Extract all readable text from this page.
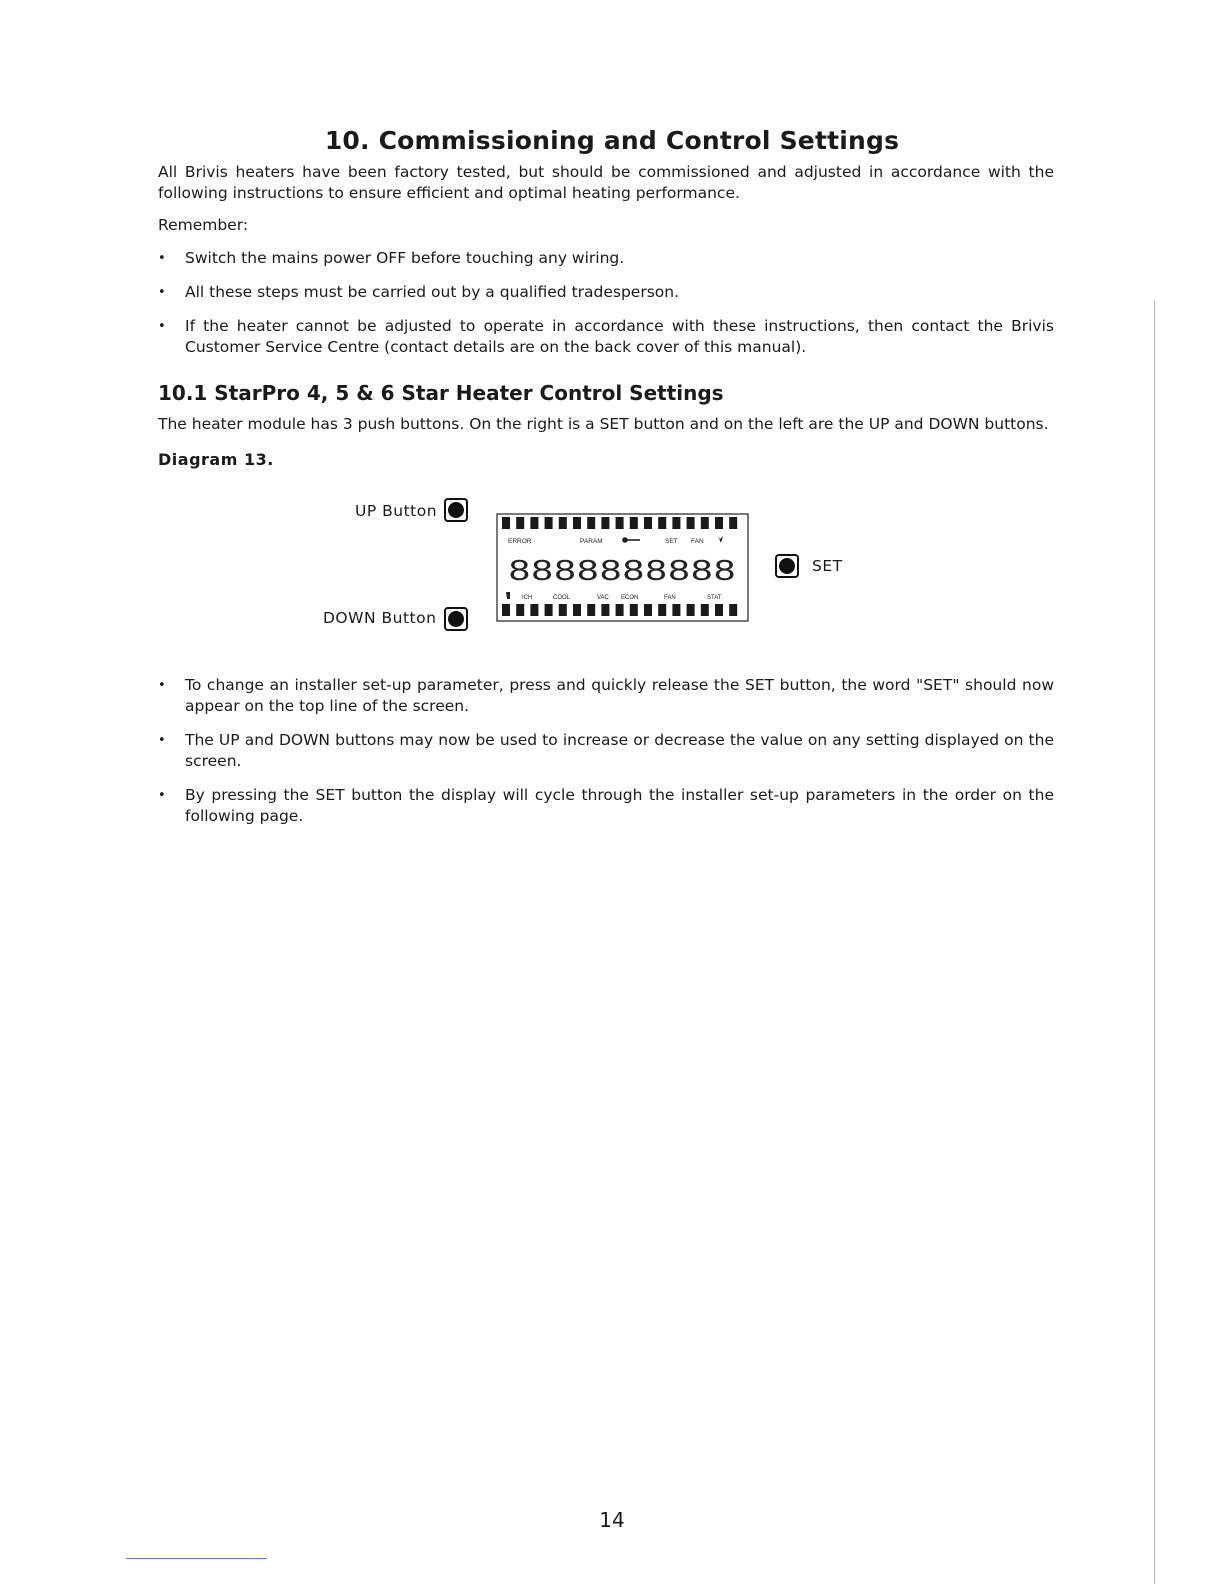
10. Commissioning and Control Settings

All Brivis heaters have been factory tested, but should be commissioned and adjusted in accordance with the following instructions to ensure efficient and optimal heating performance.

Remember:

• Switch the mains power OFF before touching any wiring.
• All these steps must be carried out by a qualified tradesperson.
• If the heater cannot be adjusted to operate in accordance with these instructions, then contact the Brivis Customer Service Centre (contact details are on the back cover of this manual).
10.1 StarPro 4, 5 & 6 Star Heater Control Settings

The heater module has 3 push buttons. On the right is a SET button and on the left are the UP and DOWN buttons.

Diagram 13.
UP Button
DOWN Button
SET
ERROR	PARAM	SET FAN
8888888888
ICH	COOL	VAC ECON	FAN	STAT
• To change an installer set-up parameter, press and quickly release the SET button, the word "SET" should now appear on the top line of the screen.
• The UP and DOWN buttons may now be used to increase or decrease the value on any setting displayed on the screen.
• By pressing the SET button the display will cycle through the installer set-up parameters in the order on the following page.
14
